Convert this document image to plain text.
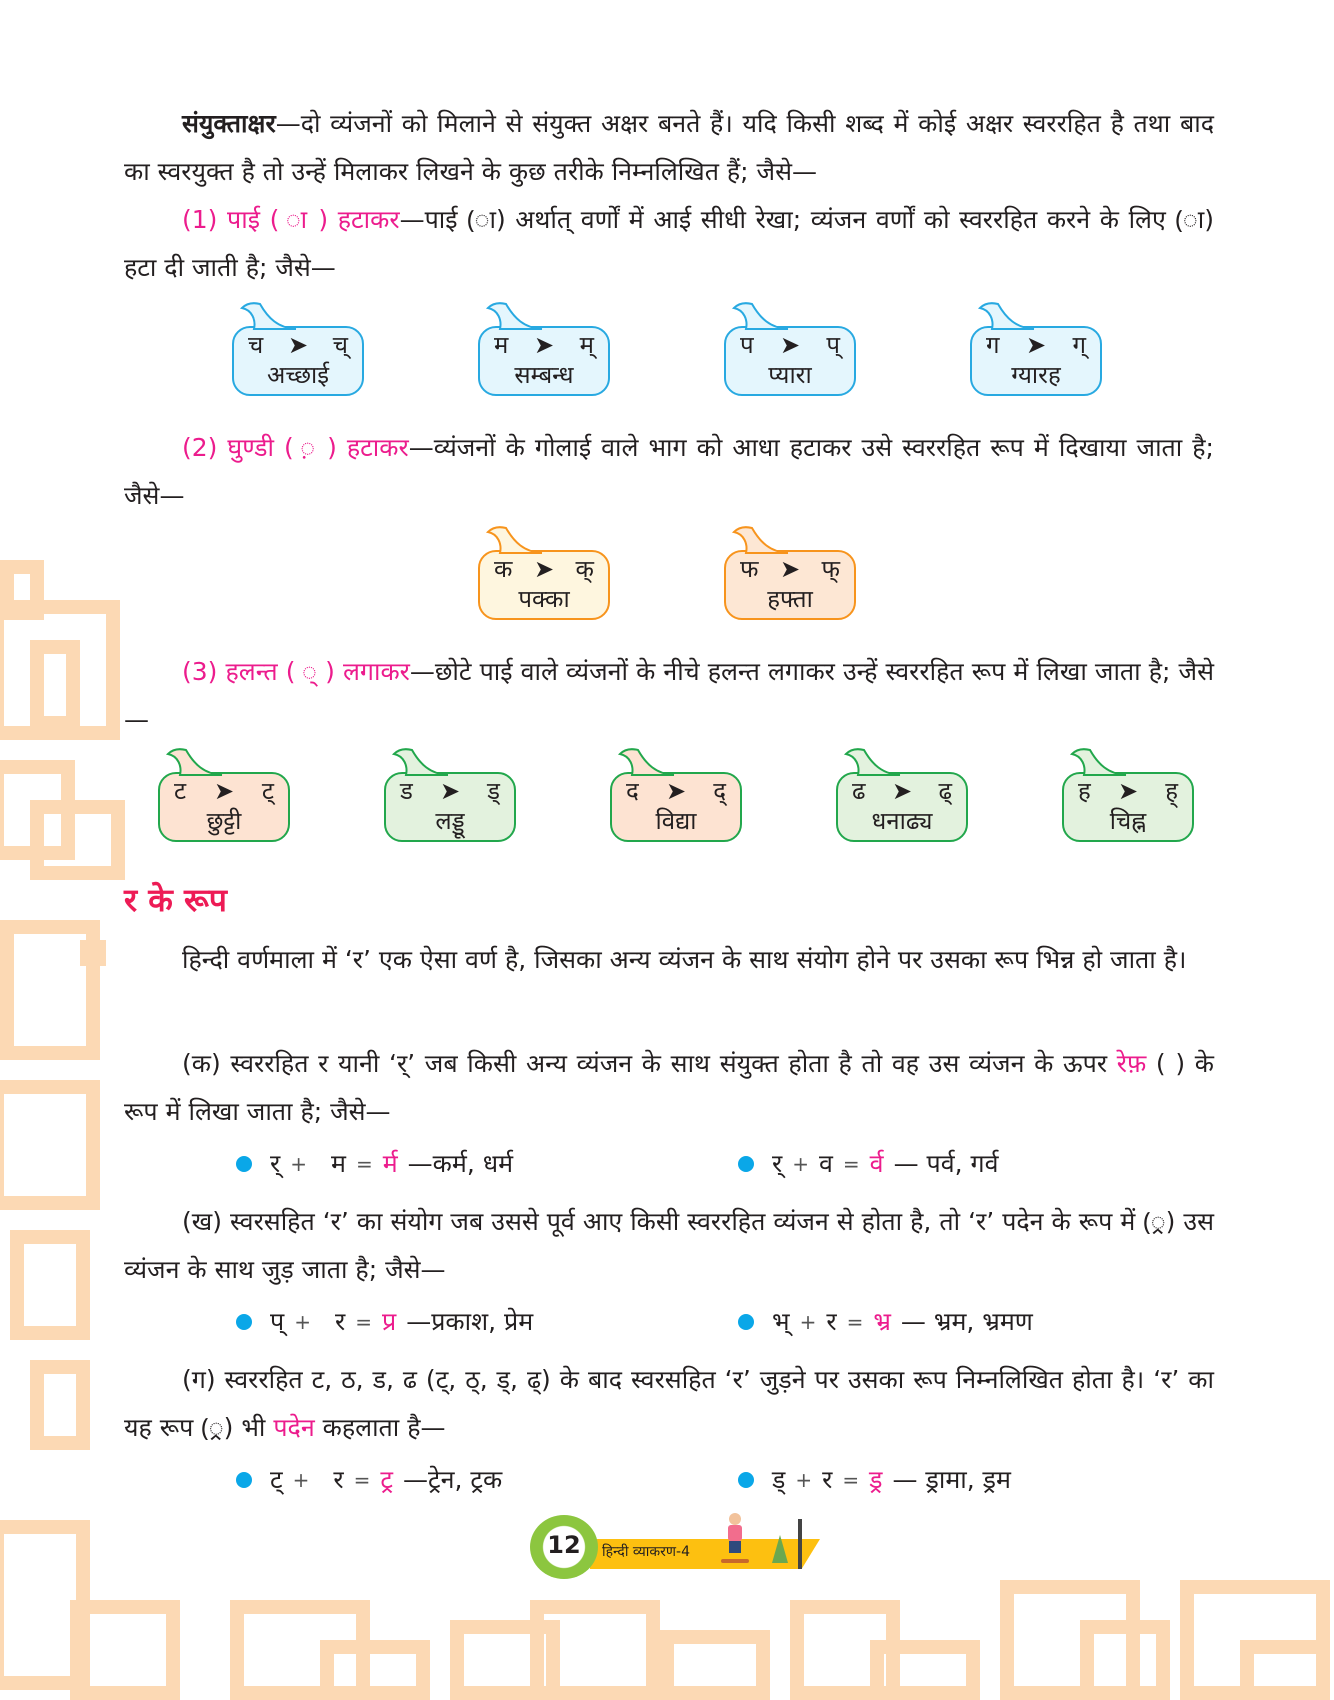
संयुक्ताक्षर—दो व्यंजनों को मिलाने से संयुक्त अक्षर बनते हैं। यदि किसी शब्द में कोई अक्षर स्वररहित है तथा बाद का स्वरयुक्त है तो उन्हें मिलाकर लिखने के कुछ तरीके निम्नलिखित हैं; जैसे—
(1) पाई ( ा ) हटाकर—पाई (ा) अर्थात् वर्णों में आई सीधी रेखा; व्यंजन वर्णों को स्वररहित करने के लिए (ा) हटा दी जाती है; जैसे—
च ➤ च्
अच्छाई
म ➤ म्
सम्बन्ध
प ➤ प्
प्यारा
ग ➤ ग्
ग्यारह
(2) घुण्डी ( ़ ) हटाकर—व्यंजनों के गोलाई वाले भाग को आधा हटाकर उसे स्वररहित रूप में दिखाया जाता है; जैसे—
क ➤ क्
पक्का
फ ➤ फ्
हफ्ता
(3) हलन्त ( ् ) लगाकर—छोटे पाई वाले व्यंजनों के नीचे हलन्त लगाकर उन्हें स्वररहित रूप में लिखा जाता है; जैसे—
ट ➤ ट्
छुट्टी
ड ➤ ड्
लड्डू
द ➤ द्
विद्या
ढ ➤ ढ्
धनाढ्य
ह ➤ ह्
चिह्न
र के रूप
हिन्दी वर्णमाला में ‘र’ एक ऐसा वर्ण है, जिसका अन्य व्यंजन के साथ संयोग होने पर उसका रूप भिन्न हो जाता है।
(क) स्वररहित र यानी ‘र्’ जब किसी अन्य व्यंजन के साथ संयुक्त होता है तो वह उस व्यंजन के ऊपर रेफ़ ( ) के रूप में लिखा जाता है; जैसे—
र् + म = र्म —कर्म, धर्म	र् + व = र्व — पर्व, गर्व
(ख) स्वरसहित ‘र’ का संयोग जब उससे पूर्व आए किसी स्वररहित व्यंजन से होता है, तो ‘र’ पदेन के रूप में (्र) उस व्यंजन के साथ जुड़ जाता है; जैसे—
प् + र = प्र —प्रकाश, प्रेम	भ् + र = भ्र — भ्रम, भ्रमण
(ग) स्वररहित ट, ठ, ड, ढ (ट्, ठ्, ड्, ढ्) के बाद स्वरसहित ‘र’ जुड़ने पर उसका रूप निम्नलिखित होता है। ‘र’ का यह रूप (्र) भी पदेन कहलाता है—
ट् + र = ट्र —ट्रेन, ट्रक	ड् + र = ड्र — ड्रामा, ड्रम
12	हिन्दी व्याकरण-4
